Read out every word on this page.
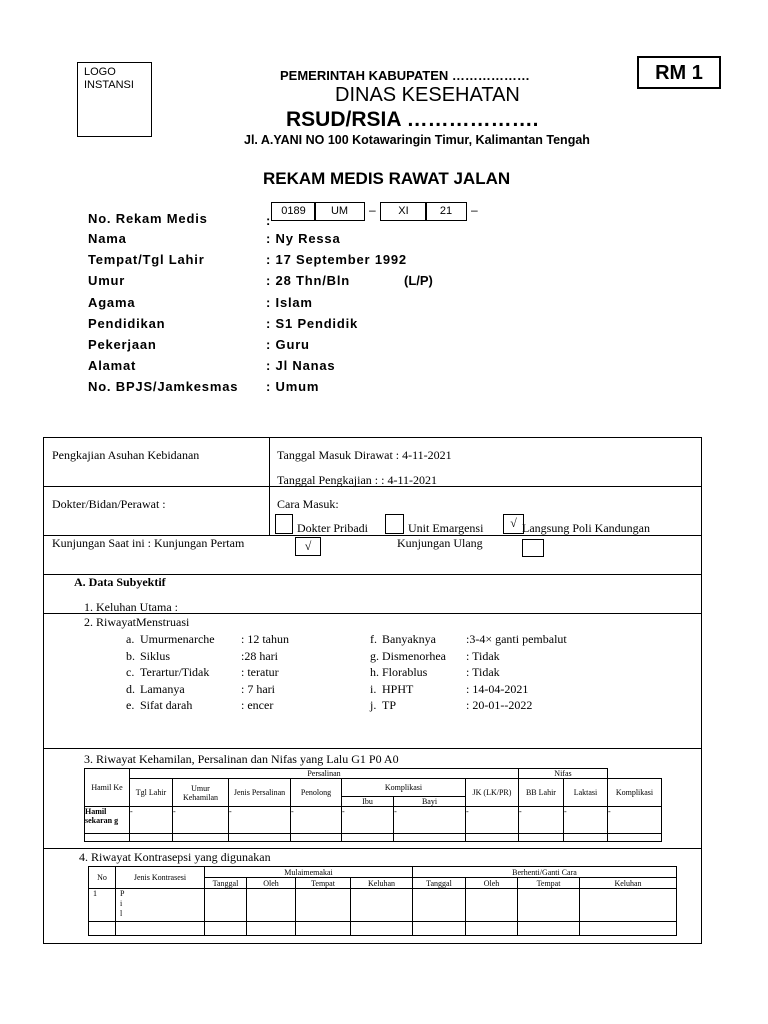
LOGO
INSTANSI
RM 1
PEMERINTAH KABUPATEN ………………
DINAS KESEHATAN
RSUD/RSIA ……………….
Jl. A.YANI NO 100 Kotawaringin Timur, Kalimantan Tengah
REKAM MEDIS RAWAT JALAN
No. Rekam Medis	:
0189	UM	–	XI	21	–
Nama	: Ny Ressa
Tempat/Tgl Lahir	: 17 September 1992
Umur	: 28 Thn/Bln
Agama	: Islam
Pendidikan	: S1 Pendidik
Pekerjaan	: Guru
Alamat	: Jl Nanas
No. BPJS/Jamkesmas : Umum
(L/P)
Pengkajian Asuhan Kebidanan	Tanggal Masuk Dirawat : 4-11-2021
Tanggal Pengkajian : : 4-11-2021
Dokter/Bidan/Perawat :	Cara Masuk:
Dokter Pribadi	Unit Emargensi	√ Langsung Poli Kandungan
Kunjungan Saat ini : Kunjungan Pertam	√	Kunjungan Ulang
A. Data Subyektif
1. Keluhan Utama :
2. RiwayatMenstruasi
a. Umurmenarche : 12 tahun
b. Siklus	:28 hari
c. Terartur/Tidak	: teratur
d. Lamanya	: 7 hari
e. Sifat darah	: encer
f. Banyaknya	:3-4× ganti pembalut
g. Dismenorhea : Tidak
h. Florablus	: Tidak
i. HPHT	: 14-04-2021
j. TP	: 20-01--2022
3. Riwayat Kehamilan, Persalinan dan Nifas yang Lalu G1 P0 A0
Hamil Ke	Persalinan							Nifas		
	Tgl Lahir	Umur Kehamilan	Jenis Persalinan	Penolong	Komplikasi		JK (LK/PR)	BB Lahir	Laktasi	Komplikasi
					Ibu	Bayi				
Hamil sekaran g	-	-	-	-	-	-	-	-	-	-

4. Riwayat Kontrasepsi yang digunakan
No	Jenis Kontrasesi	Mulaimemakai				Berhenti/Ganti Cara			
		Tanggal	Oleh	Tempat	Keluhan	Tanggal	Oleh	Tempat	Keluhan
1	P
i
l								
